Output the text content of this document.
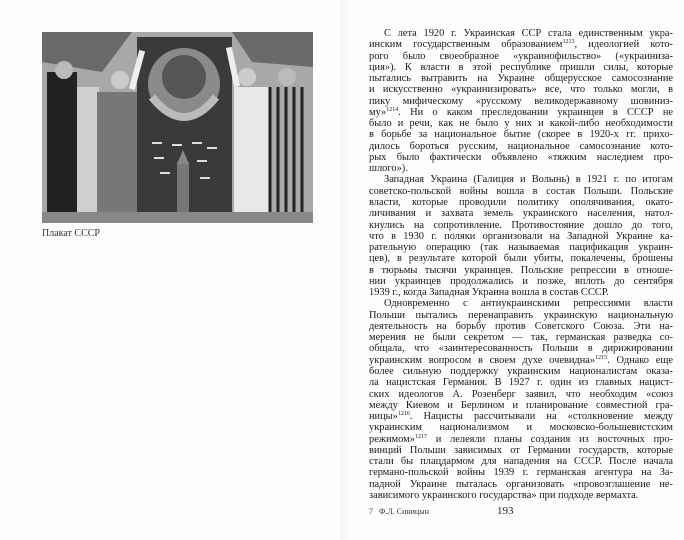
Плакат СССР
С лета 1920 г. Украинская ССР стала единственным укра-
инским государственным образованием$^{1213}$, идеологией кото-
рого было своеобразное «украинофильство» («украиниза-
ция»). К власти в этой республике пришли силы, которые
пытались вытравить на Украине общерусское самосознание
и искусственно «украинизировать» все, что только могли, в
пику мифическому «русскому великодержавному шовиниз-
му»$^{1214}$. Ни о каком преследовании украинцев в СССР не
было и речи, как не было у них и какой-либо необходимости
в борьбе за национальное бытие (скорее в 1920-х гг. прихо-
дилось бороться русским, национальное самосознание кото-
рых было фактически объявлено «тяжким наследием про-
шлого»).
Западная Украина (Галиция и Волынь) в 1921 г. по итогам
советско-польской войны вошла в состав Польши. Польские
власти, которые проводили политику ополячивания, окато-
личивания и захвата земель украинского населения, натол-
кнулись на сопротивление. Противостояние дошло до того,
что в 1930 г. поляки организовали на Западной Украине ка-
рательную операцию (так называемая пацификация украин-
цев), в результате которой были убиты, покалечены, брошены
в тюрьмы тысячи украинцев. Польские репрессии в отноше-
нии украинцев продолжались и позже, вплоть до сентября
1939 г., когда Западная Украина вошла в состав СССР.
Одновременно с антиукраинскими репрессиями власти
Польши пытались перенаправить украинскую национальную
деятельность на борьбу против Советского Союза. Эти на-
мерения не были секретом — так, германская разведка со-
общала, что «заинтересованность Польши в дирижировании
украинским вопросом в своем духе очевидна»$^{1215}$. Однако еще
более сильную поддержку украинским националистам оказа-
ла нацистская Германия. В 1927 г. один из главных нацист-
ских идеологов А. Розенберг заявил, что необходим «союз
между Киевом и Берлином и планирование совместной гра-
ницы»$^{1216}$. Нацисты рассчитывали на «столкновение между
украинским национализмом и московско-большевистским
режимом»$^{1217}$ и лелеяли планы создания из восточных про-
винций Польши зависимых от Германии государств, которые
стали бы плацдармом для нападения на СССР. После начала
германо-польской войны 1939 г. германская агентура на За-
падной Украине пыталась организовать «провозглашение не-
зависимого украинского государства» при подходе вермахта.
7   Ф.Л. Синицын	193
